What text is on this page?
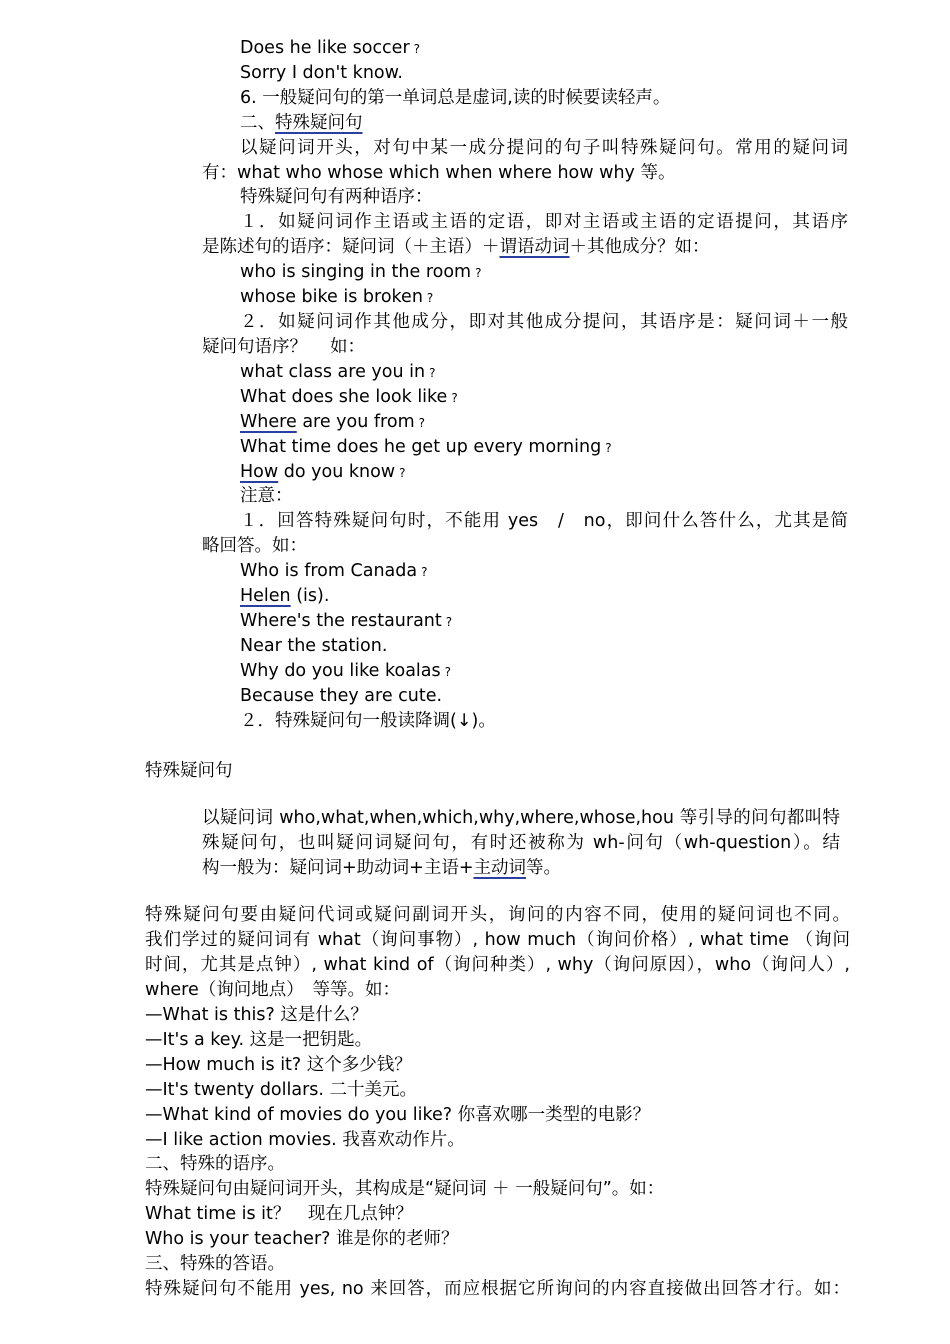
Does he like soccer ?
Sorry I don't know.
6. 一般疑问句的第一单词总是虚词,读的时候要读轻声。
二、特殊疑问句
以疑问词开头，对句中某一成分提问的句子叫特殊疑问句。常用的疑问词
有：what who whose which when where how why 等。
特殊疑问句有两种语序：
１．如疑问词作主语或主语的定语，即对主语或主语的定语提问，其语序
是陈述句的语序：疑问词（＋主语）＋谓语动词＋其他成分？如：
who is singing in the room ?
whose bike is broken ?
２．如疑问词作其他成分，即对其他成分提问，其语序是：疑问词＋一般
疑问句语序？　 如：
what class are you in ?
What does she look like ?
Where are you from ?
What time does he get up every morning ?
How do you know ?
注意：
１．回答特殊疑问句时，不能用 yes　/　no，即问什么答什么，尤其是简
略回答。如：
Who is from Canada ?
Helen (is).
Where's the restaurant ?
Near the station.
Why do you like koalas ?
Because they are cute.
２．特殊疑问句一般读降调(↓)。
特殊疑问句
以疑问词 who,what,when,which,why,where,whose,hou 等引导的问句都叫特
殊疑问句，也叫疑问词疑问句，有时还被称为 wh-问句（wh-question）。结
构一般为：疑问词+助动词+主语+主动词等。
特殊疑问句要由疑问代词或疑问副词开头，询问的内容不同，使用的疑问词也不同。
我们学过的疑问词有 what（询问事物）, how much（询问价格）, what time （询问
时间，尤其是点钟）, what kind of（询问种类）, why（询问原因），who（询问人）,
where（询问地点）　等等。如：
—What is this? 这是什么？
—It's a key. 这是一把钥匙。
—How much is it? 这个多少钱？
—It's twenty dollars. 二十美元。
—What kind of movies do you like? 你喜欢哪一类型的电影？
—I like action movies. 我喜欢动作片。
二、特殊的语序。
特殊疑问句由疑问词开头，其构成是“疑问词 ＋ 一般疑问句”。如：
What time is it？　现在几点钟？
Who is your teacher? 谁是你的老师？
三、特殊的答语。
特殊疑问句不能用 yes, no 来回答，而应根据它所询问的内容直接做出回答才行。如：
